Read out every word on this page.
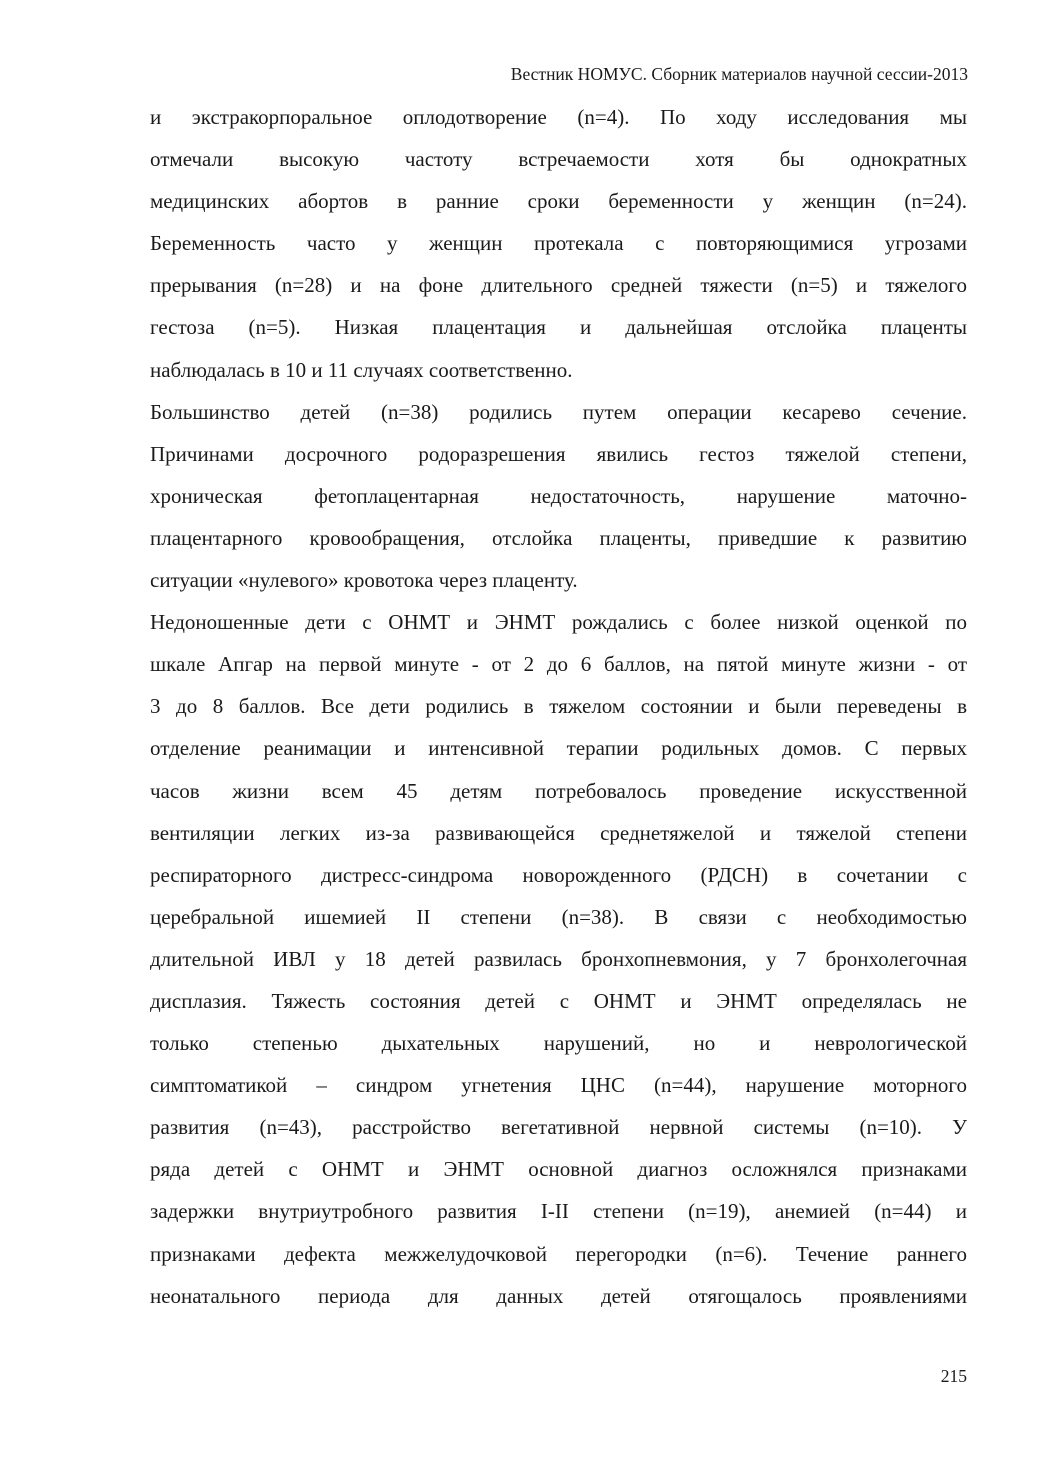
Вестник НОМУС. Сборник материалов научной сессии-2013
и экстракорпоральное оплодотворение (n=4). По ходу исследования мы
отмечали высокую частоту встречаемости хотя бы однократных
медицинских абортов в ранние сроки беременности у женщин (n=24).
Беременность часто у женщин протекала с повторяющимися угрозами
прерывания (n=28) и на фоне длительного средней тяжести (n=5) и тяжелого
гестоза (n=5). Низкая плацентация и дальнейшая отслойка плаценты
наблюдалась в 10 и 11 случаях соответственно.
Большинство детей (n=38) родились путем операции кесарево сечение.
Причинами досрочного родоразрешения явились гестоз тяжелой степени,
хроническая фетоплацентарная недостаточность, нарушение маточно-
плацентарного кровообращения, отслойка плаценты, приведшие к развитию
ситуации «нулевого» кровотока через плаценту.
Недоношенные дети с ОНМТ и ЭНМТ рождались с более низкой оценкой по
шкале Апгар на первой минуте - от 2 до 6 баллов, на пятой минуте жизни - от
3 до 8 баллов. Все дети родились в тяжелом состоянии и были переведены в
отделение реанимации и интенсивной терапии родильных домов. С первых
часов жизни всем 45 детям потребовалось проведение искусственной
вентиляции легких из-за развивающейся среднетяжелой и тяжелой степени
респираторного дистресс-синдрома новорожденного (РДСН) в сочетании с
церебральной ишемией II степени (n=38). В связи с необходимостью
длительной ИВЛ у 18 детей развилась бронхопневмония, у 7 бронхолегочная
дисплазия. Тяжесть состояния детей с ОНМТ и ЭНМТ определялась не
только степенью дыхательных нарушений, но и неврологической
симптоматикой – синдром угнетения ЦНС (n=44), нарушение моторного
развития (n=43), расстройство вегетативной нервной системы (n=10). У
ряда детей с ОНМТ и ЭНМТ основной диагноз осложнялся признаками
задержки внутриутробного развития I-II степени (n=19), анемией (n=44) и
признаками дефекта межжелудочковой перегородки (n=6). Течение раннего
неонатального периода для данных детей отягощалось проявлениями
215
